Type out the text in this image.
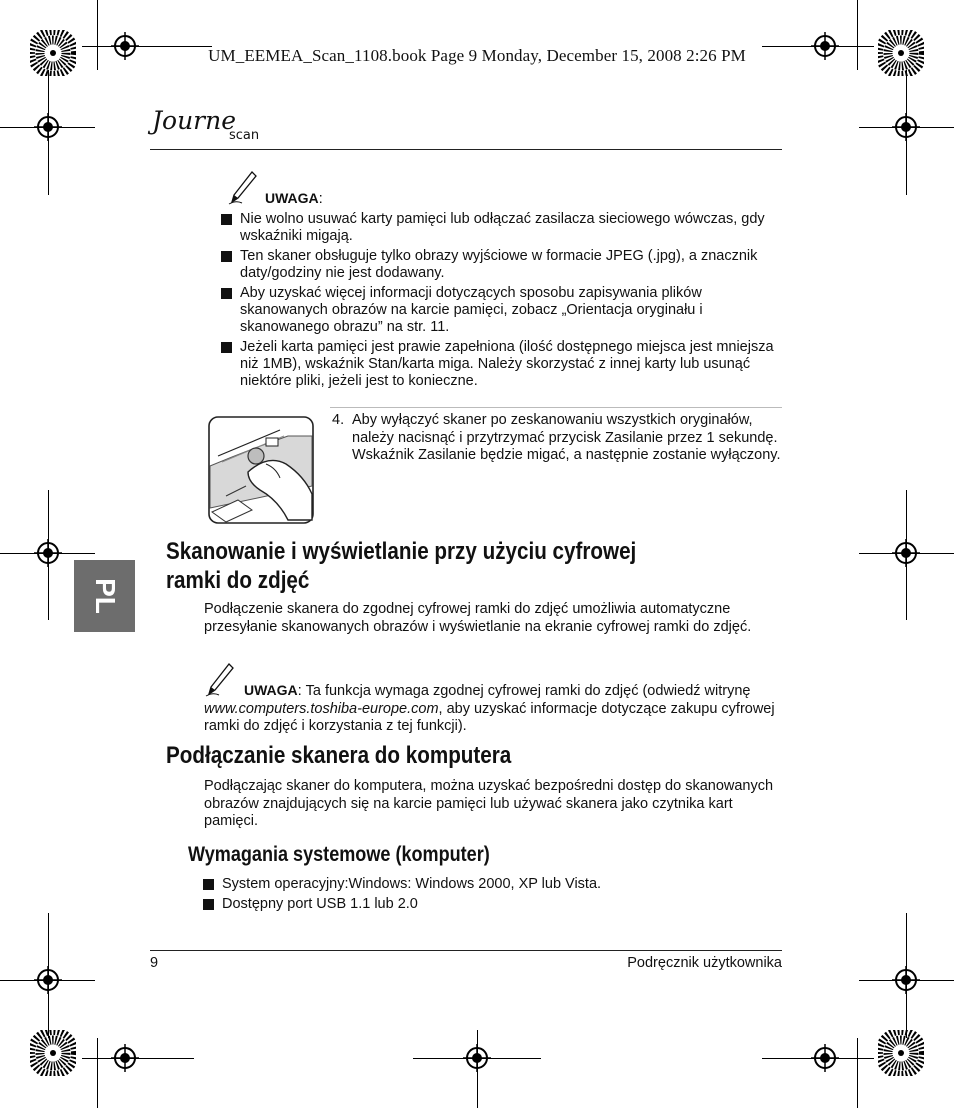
UM_EEMEA_Scan_1108.book Page 9 Monday, December 15, 2008 2:26 PM
Journe
scan
UWAGA:
Nie wolno usuwać karty pamięci lub odłączać zasilacza sieciowego wówczas, gdy wskaźniki migają.
Ten skaner obsługuje tylko obrazy wyjściowe w formacie JPEG (.jpg), a znacznik daty/godziny nie jest dodawany.
Aby uzyskać więcej informacji dotyczących sposobu zapisywania plików skanowanych obrazów na karcie pamięci, zobacz „Orientacja oryginału i skanowanego obrazu” na str. 11.
Jeżeli karta pamięci jest prawie zapełniona (ilość dostępnego miejsca jest mniejsza niż 1MB), wskaźnik Stan/karta miga. Należy skorzystać z innej karty lub usunąć niektóre pliki, jeżeli jest to konieczne.
4. Aby wyłączyć skaner po zeskanowaniu wszystkich oryginałów, należy nacisnąć i przytrzymać przycisk Zasilanie przez 1 sekundę. Wskaźnik Zasilanie będzie migać, a następnie zostanie wyłączony.
PL
Skanowanie i wyświetlanie przy użyciu cyfrowej
ramki do zdjęć
Podłączenie skanera do zgodnej cyfrowej ramki do zdjęć umożliwia automatyczne przesyłanie skanowanych obrazów i wyświetlanie na ekranie cyfrowej ramki do zdjęć.
UWAGA: Ta funkcja wymaga zgodnej cyfrowej ramki do zdjęć (odwiedź witrynę www.computers.toshiba-europe.com, aby uzyskać informacje dotyczące zakupu cyfrowej ramki do zdjęć i korzystania z tej funkcji).
Podłączanie skanera do komputera
Podłączając skaner do komputera, można uzyskać bezpośredni dostęp do skanowanych obrazów znajdujących się na karcie pamięci lub używać skanera jako czytnika kart pamięci.
Wymagania systemowe (komputer)
System operacyjny:Windows: Windows 2000, XP lub Vista.
Dostępny port USB 1.1 lub 2.0
9	Podręcznik użytkownika
